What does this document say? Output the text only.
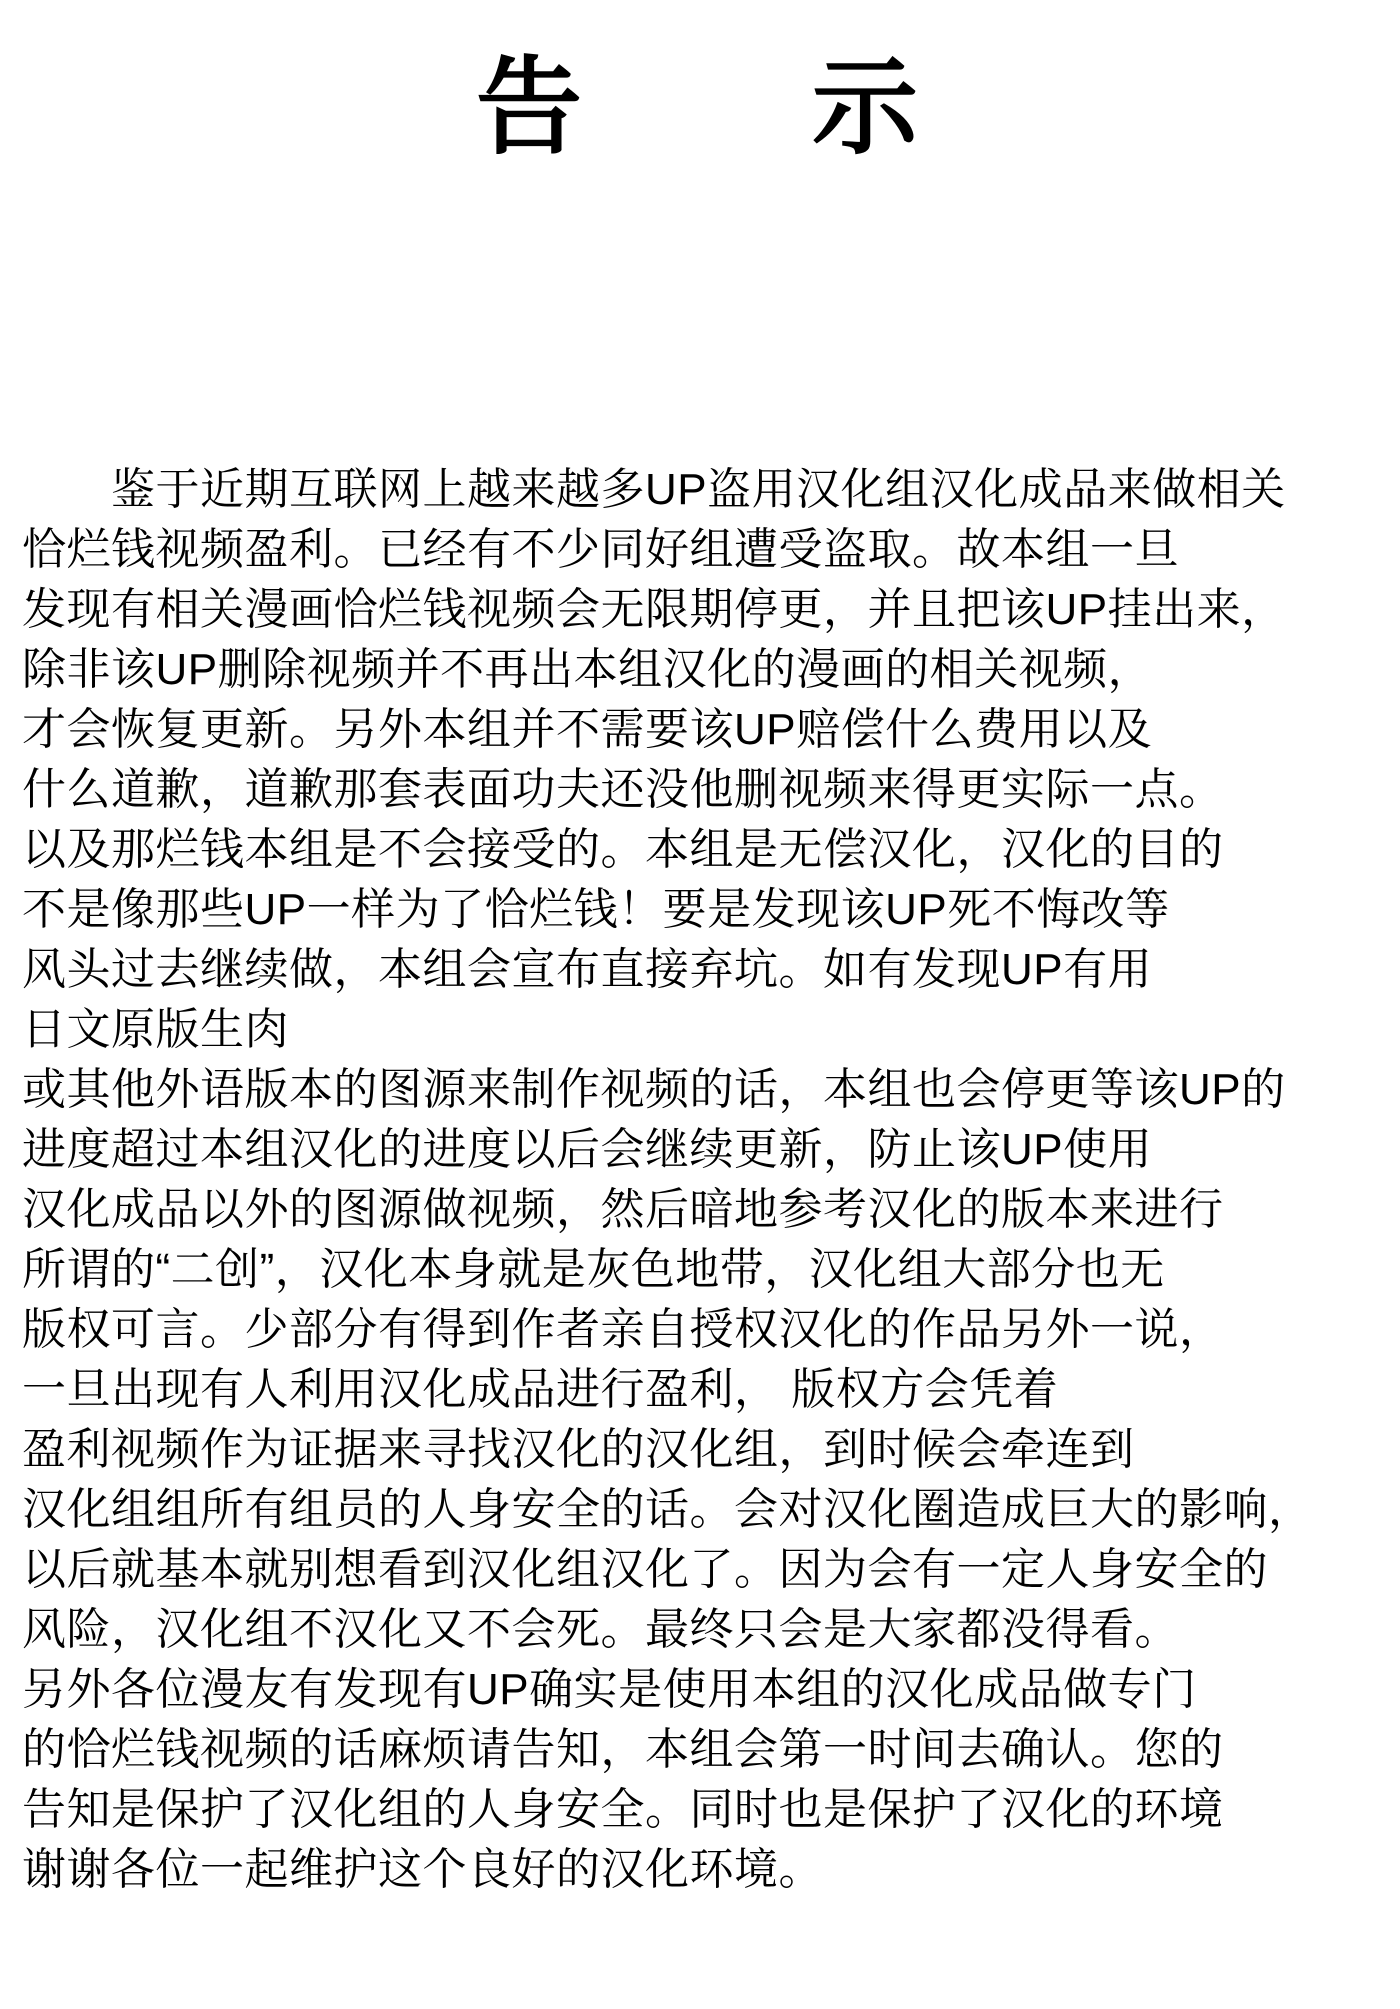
告　　示
　　鉴于近期互联网上越来越多UP盗用汉化组汉化成品来做相关
恰烂钱视频盈利。已经有不少同好组遭受盗取。故本组一旦
发现有相关漫画恰烂钱视频会无限期停更，并且把该UP挂出来，
除非该UP删除视频并不再出本组汉化的漫画的相关视频，
才会恢复更新。另外本组并不需要该UP赔偿什么费用以及
什么道歉，道歉那套表面功夫还没他删视频来得更实际一点。
以及那烂钱本组是不会接受的。本组是无偿汉化，汉化的目的
不是像那些UP一样为了恰烂钱！要是发现该UP死不悔改等
风头过去继续做，本组会宣布直接弃坑。如有发现UP有用
日文原版生肉
或其他外语版本的图源来制作视频的话，本组也会停更等该UP的
进度超过本组汉化的进度以后会继续更新，防止该UP使用
汉化成品以外的图源做视频，然后暗地参考汉化的版本来进行
所谓的“二创”，汉化本身就是灰色地带，汉化组大部分也无
版权可言。少部分有得到作者亲自授权汉化的作品另外一说，
一旦出现有人利用汉化成品进行盈利， 版权方会凭着
盈利视频作为证据来寻找汉化的汉化组，到时候会牵连到
汉化组组所有组员的人身安全的话。会对汉化圈造成巨大的影响，
以后就基本就别想看到汉化组汉化了。因为会有一定人身安全的
风险，汉化组不汉化又不会死。最终只会是大家都没得看。
另外各位漫友有发现有UP确实是使用本组的汉化成品做专门
的恰烂钱视频的话麻烦请告知，本组会第一时间去确认。您的
告知是保护了汉化组的人身安全。同时也是保护了汉化的环境
谢谢各位一起维护这个良好的汉化环境。
